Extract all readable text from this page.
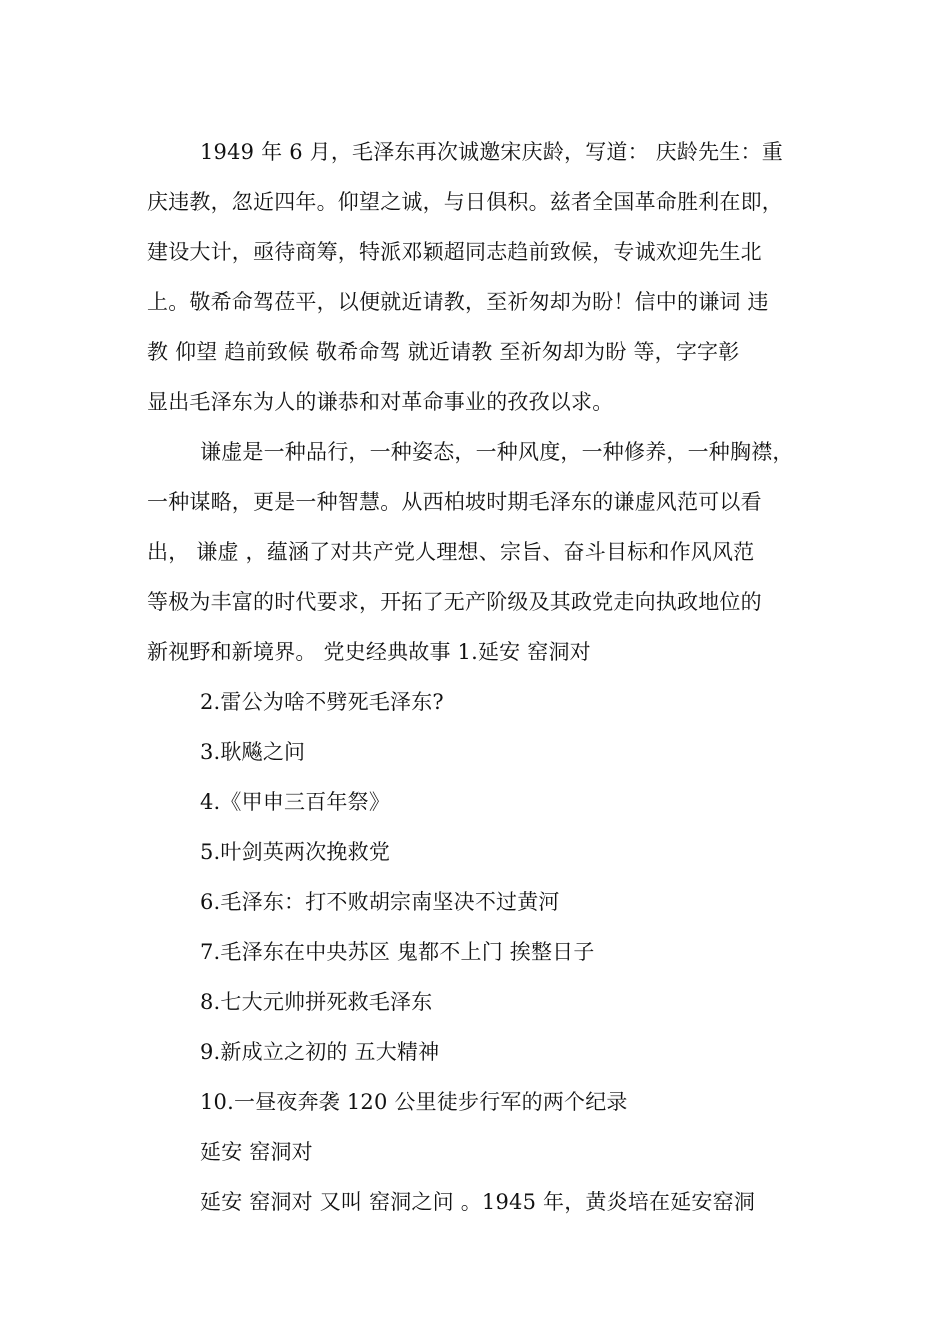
1949 年 6 月，毛泽东再次诚邀宋庆龄，写道： 庆龄先生：重

庆违教，忽近四年。仰望之诚，与日俱积。兹者全国革命胜利在即，

建设大计，亟待商筹，特派邓颖超同志趋前致候，专诚欢迎先生北

上。敬希命驾莅平，以便就近请教，至祈匆却为盼！信中的谦词 违

教 仰望 趋前致候 敬希命驾 就近请教 至祈匆却为盼 等，字字彰

显出毛泽东为人的谦恭和对革命事业的孜孜以求。

谦虚是一种品行，一种姿态，一种风度，一种修养，一种胸襟，

一种谋略，更是一种智慧。从西柏坡时期毛泽东的谦虚风范可以看

出， 谦虚 ，蕴涵了对共产党人理想、宗旨、奋斗目标和作风风范

等极为丰富的时代要求，开拓了无产阶级及其政党走向执政地位的

新视野和新境界。 党史经典故事 1.延安 窑洞对

2.雷公为啥不劈死毛泽东?

3.耿飚之问

4.《甲申三百年祭》

5.叶剑英两次挽救党

6.毛泽东：打不败胡宗南坚决不过黄河

7.毛泽东在中央苏区 鬼都不上门 挨整日子

8.七大元帅拼死救毛泽东

9.新成立之初的 五大精神

10.一昼夜奔袭 120 公里徒步行军的两个纪录

延安 窑洞对

延安 窑洞对 又叫 窑洞之问 。1945 年，黄炎培在延安窑洞
